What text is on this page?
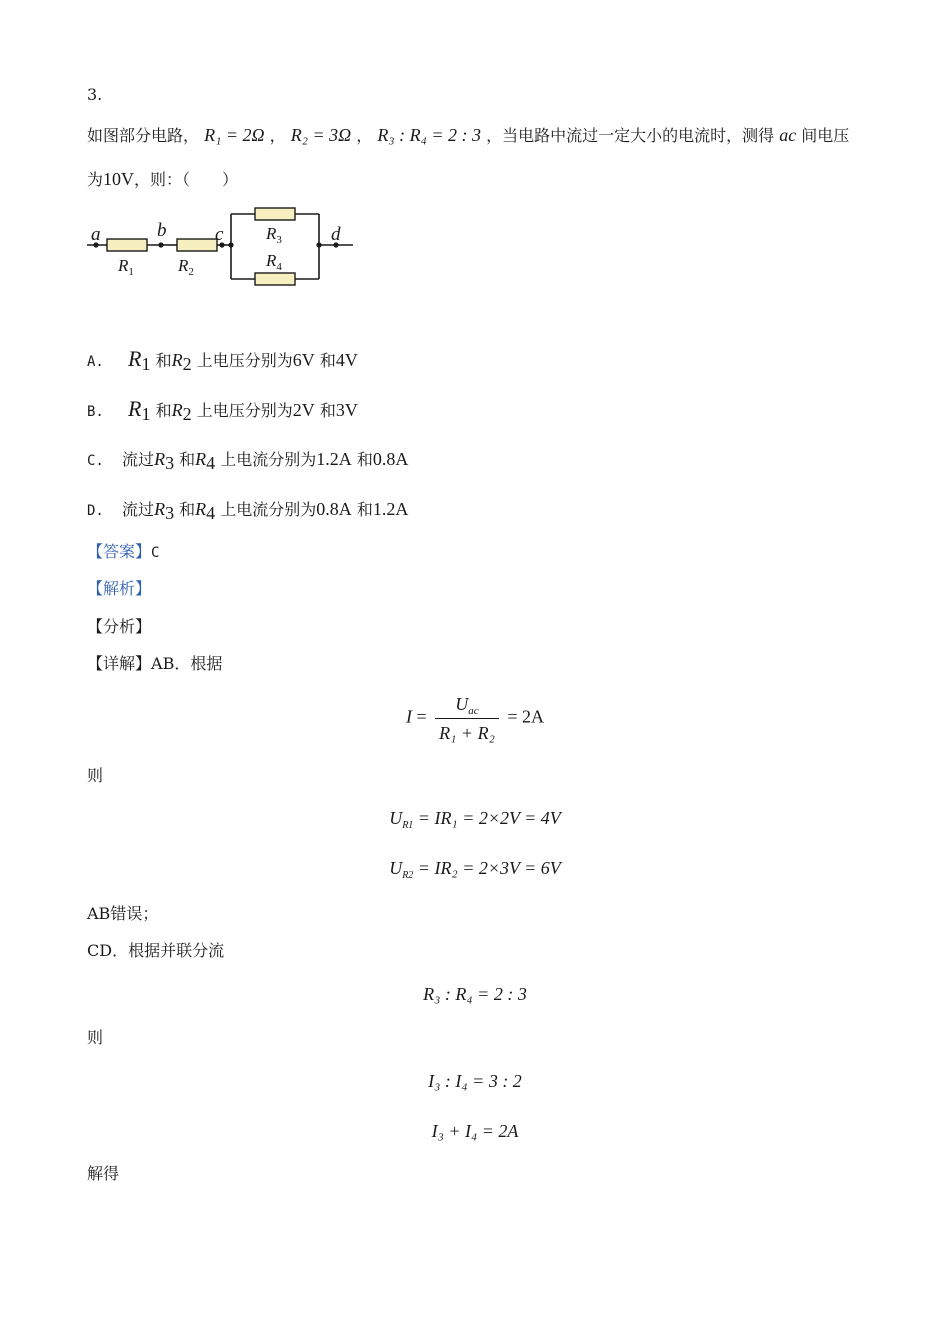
3.
如图部分电路， R₁ = 2Ω ， R₂ = 3Ω ， R₃ : R₄ = 2 : 3 ，当电路中流过一定大小的电流时，测得 ac 间电压
为10V，则：（　　）
a	b	c	d
$R_1$	$R_2$
$R_3$
$R_4$
A. $R_1$ 和$R_2$ 上电压分别为6V 和4V
B. $R_1$ 和$R_2$ 上电压分别为2V 和3V
C. 流过$R_3$ 和$R_4$ 上电流分别为1.2A 和0.8A
D. 流过$R_3$ 和$R_4$ 上电流分别为0.8A 和1.2A
【答案】C
【解析】
【分析】
【详解】AB．根据
$I = \frac{U_{ac}}{\text{R₁ + R₂}} = 2A$
则
$U_{R1} = IR_1 = 2\times 2V = 4V$
$U_{R2} = IR_2 = 2\times 3V = 6V$
AB错误；
CD．根据并联分流
R₃ : R₄ = 2 : 3
则
I₃ : I₄ = 3 : 2
I₃ + I₄ = 2A
解得
